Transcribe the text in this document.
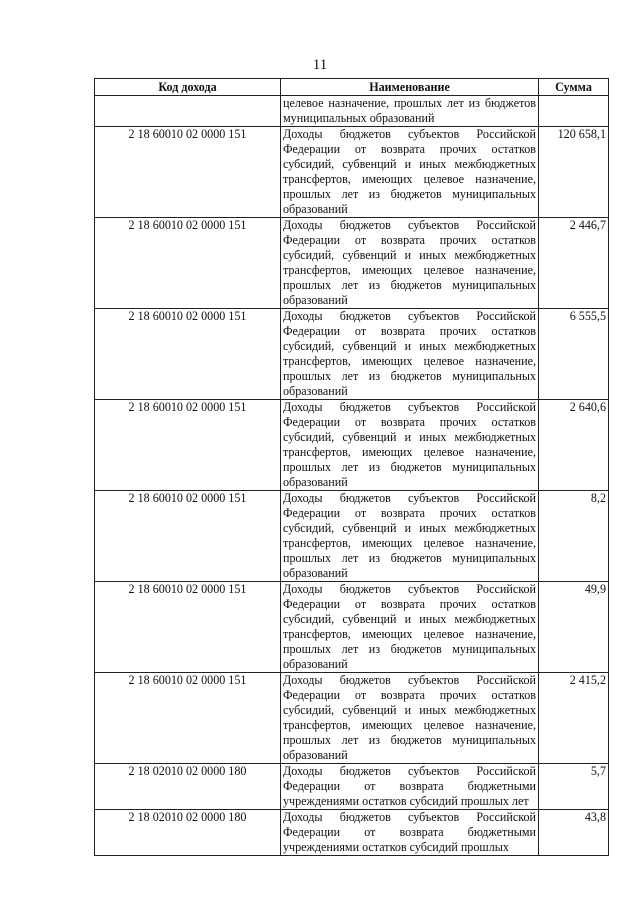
11
Код дохода	Наименование	Сумма
	целевое назначение, прошлых лет из бюджетов муниципальных образований	
2 18 60010 02 0000 151	Доходы бюджетов субъектов Российской Федерации от возврата прочих остатков субсидий, субвенций и иных межбюджетных трансфертов, имеющих целевое назначение, прошлых лет из бюджетов муниципальных образований	120 658,1
2 18 60010 02 0000 151	Доходы бюджетов субъектов Российской Федерации от возврата прочих остатков субсидий, субвенций и иных межбюджетных трансфертов, имеющих целевое назначение, прошлых лет из бюджетов муниципальных образований	2 446,7
2 18 60010 02 0000 151	Доходы бюджетов субъектов Российской Федерации от возврата прочих остатков субсидий, субвенций и иных межбюджетных трансфертов, имеющих целевое назначение, прошлых лет из бюджетов муниципальных образований	6 555,5
2 18 60010 02 0000 151	Доходы бюджетов субъектов Российской Федерации от возврата прочих остатков субсидий, субвенций и иных межбюджетных трансфертов, имеющих целевое назначение, прошлых лет из бюджетов муниципальных образований	2 640,6
2 18 60010 02 0000 151	Доходы бюджетов субъектов Российской Федерации от возврата прочих остатков субсидий, субвенций и иных межбюджетных трансфертов, имеющих целевое назначение, прошлых лет из бюджетов муниципальных образований	8,2
2 18 60010 02 0000 151	Доходы бюджетов субъектов Российской Федерации от возврата прочих остатков субсидий, субвенций и иных межбюджетных трансфертов, имеющих целевое назначение, прошлых лет из бюджетов муниципальных образований	49,9
2 18 60010 02 0000 151	Доходы бюджетов субъектов Российской Федерации от возврата прочих остатков субсидий, субвенций и иных межбюджетных трансфертов, имеющих целевое назначение, прошлых лет из бюджетов муниципальных образований	2 415,2
2 18 02010 02 0000 180	Доходы бюджетов субъектов Российской Федерации от возврата бюджетными учреждениями остатков субсидий прошлых лет	5,7
2 18 02010 02 0000 180	Доходы бюджетов субъектов Российской Федерации от возврата бюджетными учреждениями остатков субсидий прошлых	43,8
